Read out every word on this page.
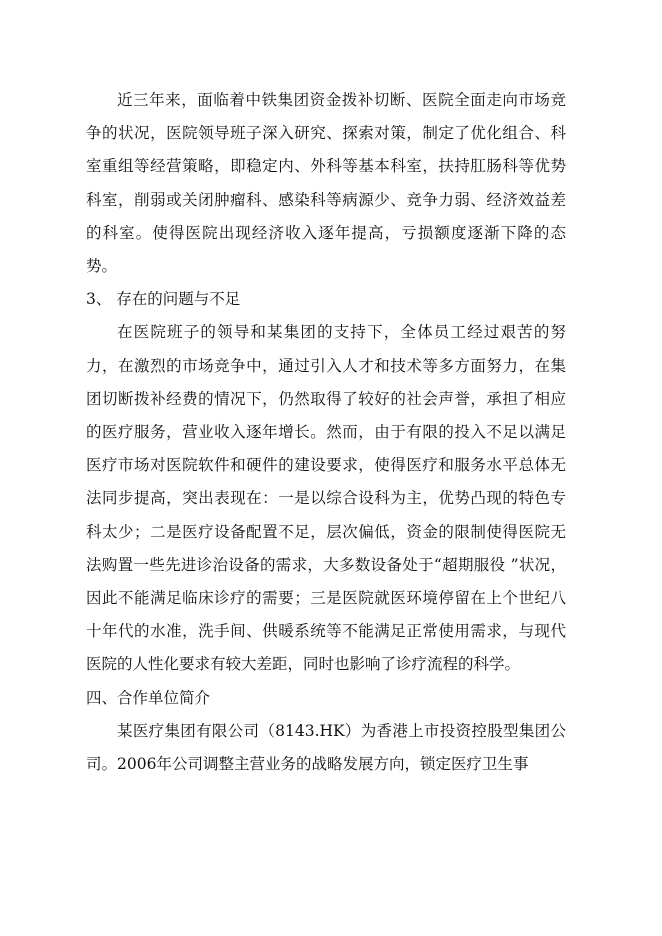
近三年来，面临着中铁集团资金拨补切断、医院全面走向市场竞争的状况，医院领导班子深入研究、探索对策，制定了优化组合、科室重组等经营策略，即稳定内、外科等基本科室，扶持肛肠科等优势科室，削弱或关闭肿瘤科、感染科等病源少、竞争力弱、经济效益差的科室。使得医院出现经济收入逐年提高，亏损额度逐渐下降的态势。

3、 存在的问题与不足

在医院班子的领导和某集团的支持下，全体员工经过艰苦的努力，在激烈的市场竞争中，通过引入人才和技术等多方面努力，在集团切断拨补经费的情况下，仍然取得了较好的社会声誉，承担了相应的医疗服务，营业收入逐年增长。然而，由于有限的投入不足以满足医疗市场对医院软件和硬件的建设要求，使得医疗和服务水平总体无法同步提高，突出表现在：一是以综合设科为主，优势凸现的特色专科太少；二是医疗设备配置不足，层次偏低，资金的限制使得医院无法购置一些先进诊治设备的需求，大多数设备处于“超期服役 ”状况，因此不能满足临床诊疗的需要；三是医院就医环境停留在上个世纪八十年代的水准，洗手间、供暖系统等不能满足正常使用需求，与现代医院的人性化要求有较大差距，同时也影响了诊疗流程的科学。

四、合作单位简介

某医疗集团有限公司（8143.HK）为香港上市投资控股型集团公司。2006年公司调整主营业务的战略发展方向，锁定医疗卫生事
